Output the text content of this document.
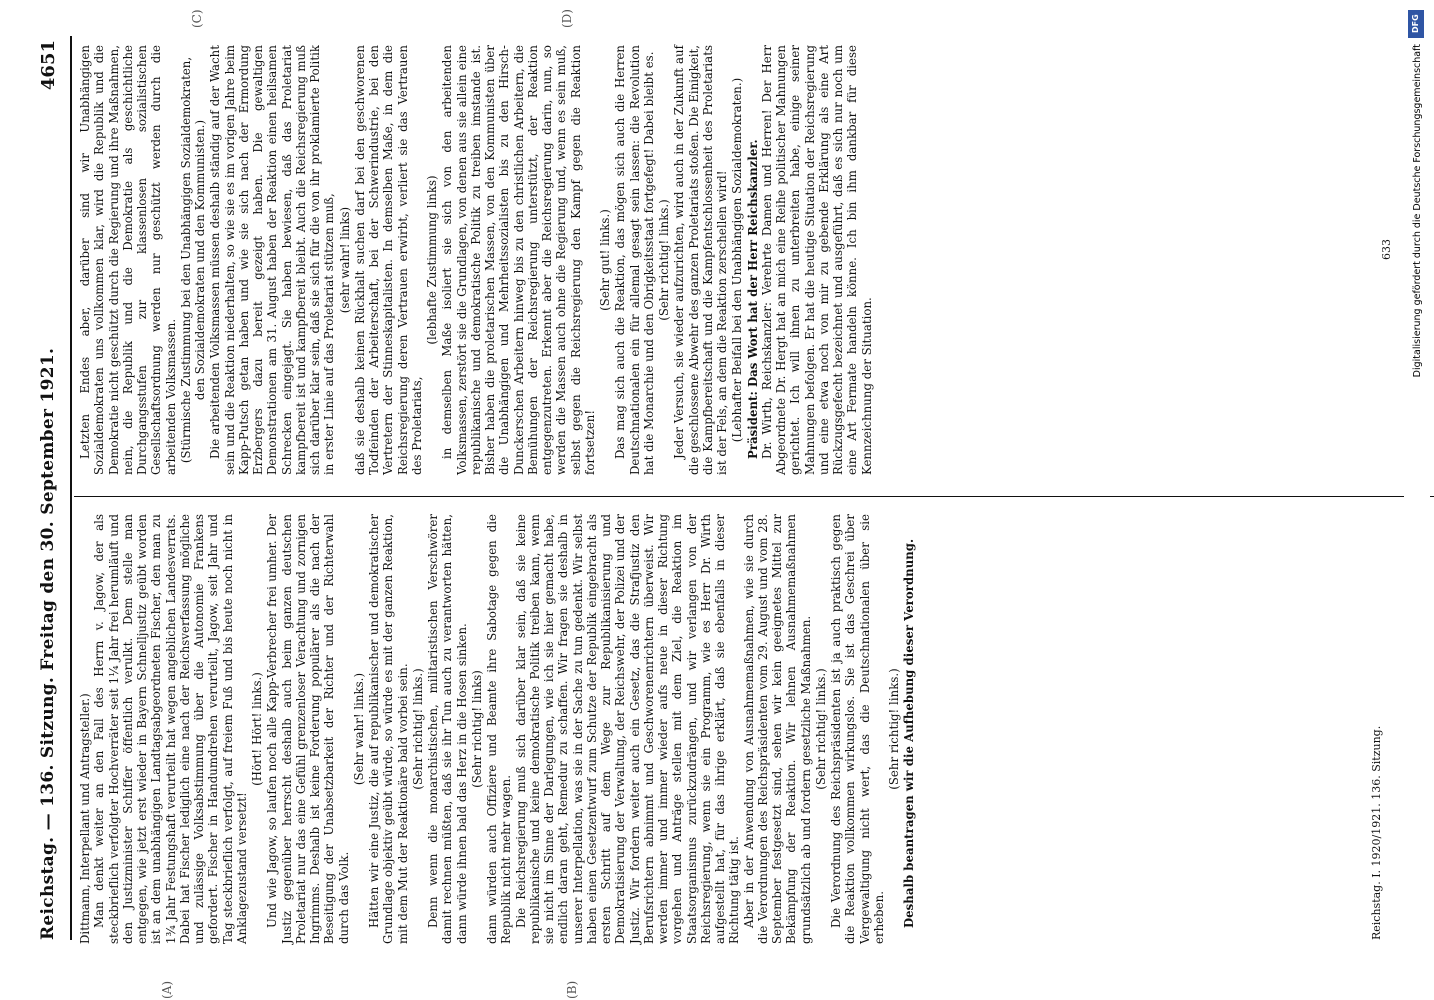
Reichstag. — 136. Sitzung. Freitag den 30. September 1921.
4651
(A)	(B)
(C)	(D)

Dittmann, Interpellant und Antragsteller.) Man denkt weiter an den Fall des Herrn v. Jagow, der als steckbrieflich verfolgter Hochverräter seit 1¼ Jahr frei herumläuft und den Justizminister Schiffer öffentlich verulkt. Dem stelle man entgegen, wie jetzt erst wieder in Bayern Schnelljustiz geübt worden ist an dem unabhängigen Landtagsabgeordneten Fischer, den man zu 1¾ Jahr Festungshaft verurteilt hat wegen angeblichen Landesverrats. Dabei hat Fischer lediglich eine nach der Reichsverfassung mögliche und zulässige Volksabstimmung über die Autonomie Frankens gefordert. Fischer in Handumdrehen verurteilt, Jagow, seit Jahr und Tag steckbrieflich verfolgt, auf freiem Fuß und bis heute noch nicht in Anklagezustand versetzt!

(Hört! Hört! links.) Und wie Jagow, so laufen noch alle Kapp-Verbrecher frei umher. Der Justiz gegenüber herrscht deshalb auch beim ganzen deutschen Proletariat nur das eine Gefühl grenzenloser Verachtung und zornigen Ingrimms. Deshalb ist keine Forderung populärer als die nach der Beseitigung der Unabsetzbarkeit der Richter und der Richterwahl durch das Volk.

(Sehr wahr! links.) Hätten wir eine Justiz, die auf republikanischer und demokratischer Grundlage objektiv geübt würde, so würde es mit der ganzen Reaktion, mit dem Mut der Reaktionäre bald vorbei sein. (Sehr richtig! links.) Denn wenn die monarchistischen, militaristischen Verschwörer damit rechnen müßten, daß sie ihr Tun auch zu verantworten hätten, dann würde ihnen bald das Herz in die Hosen sinken. (Sehr richtig! links) dann würden auch Offiziere und Beamte ihre Sabotage gegen die Republik nicht mehr wagen. Die Reichsregierung muß sich darüber klar sein, daß sie keine republikanische und keine demokratische Politik treiben kann, wenn sie nicht im Sinne der Darlegungen, wie ich sie hier gemacht habe, endlich daran geht, Remedur zu schaffen. Wir fragen sie deshalb in unserer Interpellation, was sie in der Sache zu tun gedenkt. Wir selbst haben einen Gesetzentwurf zum Schutze der Republik eingebracht als ersten Schritt auf dem Wege zur Republikanisierung und Demokratisierung der Verwaltung, der Reichswehr, der Polizei und der Justiz. Wir fordern weiter auch ein Gesetz, das die Strafjustiz den Berufsrichtern abnimmt und Geschworenenrichtern überweist. Wir werden immer und immer wieder aufs neue in dieser Richtung vorgehen und Anträge stellen mit dem Ziel, die Reaktion im Staatsorganismus zurückzudrängen, und wir verlangen von der Reichsregierung, wenn sie ein Programm, wie es Herr Dr. Wirth aufgestellt hat, für das ihrige erklärt, daß sie ebenfalls in dieser Richtung tätig ist. Aber in der Anwendung von Ausnahmemaßnahmen, wie sie durch die Verordnungen des Reichspräsidenten vom 29. August und vom 28. September festgesetzt sind, sehen wir kein geeignetes Mittel zur Bekämpfung der Reaktion. Wir lehnen Ausnahmemaßnahmen grundsätzlich ab und fordern gesetzliche Maßnahmen. (Sehr richtig! links.) Die Verordnung des Reichspräsidenten ist ja auch praktisch gegen die Reaktion vollkommen wirkungslos. Sie ist das Geschrei über Vergewaltigung nicht wert, das die Deutschnationalen über sie erheben.

(Sehr richtig! links.) Deshalb beantragen wir die Aufhebung dieser Verordnung.

Letzten Endes aber, darüber sind wir Unabhängigen Sozialdemokraten uns vollkommen klar, wird die Republik und die Demokratie nicht geschützt durch die Regierung und ihre Maßnahmen, nein, die Republik und die Demokratie als geschichtliche Durchgangsstufen zur klassenlosen sozialistischen Gesellschaftsordnung werden nur geschützt werden durch die arbeitenden Volksmassen. (Stürmische Zustimmung bei den Unabhängigen Sozialdemokraten, den Sozialdemokraten und den Kommunisten.) Die arbeitenden Volksmassen müssen deshalb ständig auf der Wacht sein und die Reaktion niederhalten, so wie sie es im vorigen Jahre beim Kapp-Putsch getan haben und wie sie sich nach der Ermordung Erzbergers dazu bereit gezeigt haben. Die gewaltigen Demonstrationen am 31. August haben der Reaktion einen heilsamen Schrecken eingejagt. Sie haben bewiesen, daß das Proletariat kampfbereit ist und kampfbereit bleibt. Auch die Reichsregierung muß sich darüber klar sein, daß sie sich für die von ihr proklamierte Politik in erster Linie auf das Proletariat stützen muß, (sehr wahr! links) daß sie deshalb keinen Rückhalt suchen darf bei den geschworenen Todfeinden der Arbeiterschaft, bei der Schwerindustrie, bei den Vertretern der Stinneskapitalisten. In demselben Maße, in dem die Reichsregierung deren Vertrauen erwirbt, verliert sie das Vertrauen des Proletariats,

(lebhafte Zustimmung links) in demselben Maße isoliert sie sich von den arbeitenden Volksmassen, zerstört sie die Grundlagen, von denen aus sie allein eine republikanische und demokratische Politik zu treiben imstande ist. Bisher haben die proletarischen Massen, von den Kommunisten über die Unabhängigen und Mehrheitssozialisten bis zu den Hirsch-Dunckerschen Arbeitern hinweg bis zu den christlichen Arbeitern, die Bemühungen der Reichsregierung unterstützt, der Reaktion entgegenzutreten. Erkennt aber die Reichsregierung darin, nun, so werden die Massen auch ohne die Regierung und, wenn es sein muß, selbst gegen die Reichsregierung den Kampf gegen die Reaktion fortsetzen!

(Sehr gut! links.) Das mag sich auch die Reaktion, das mögen sich auch die Herren Deutschnationalen ein für allemal gesagt sein lassen: die Revolution hat die Monarchie und den Obrigkeitsstaat fortgefegt! Dabei bleibt es. (Sehr richtig! links.) Jeder Versuch, sie wieder aufzurichten, wird auch in der Zukunft auf die geschlossene Abwehr des ganzen Proletariats stoßen. Die Einigkeit, die Kampfbereitschaft und die Kampfentschlossenheit des Proletariats ist der Fels, an dem die Reaktion zerschellen wird! (Lebhafter Beifall bei den Unabhängigen Sozialdemokraten.) Präsident: Das Wort hat der Herr Reichskanzler. Dr. Wirth, Reichskanzler: Verehrte Damen und Herren! Der Herr Abgeordnete Dr. Hergt hat an mich eine Reihe politischer Mahnungen gerichtet. Ich will ihnen zu unterbreiten habe, einige seiner Mahnungen befolgen. Er hat die heutige Situation der Reichsregierung und eine etwa noch von mir zu gebende Erklärung als eine Art Rückzugsgefecht bezeichnet und ausgeführt, daß es sich nur noch um eine Art Fermate handeln könne. Ich bin ihm dankbar für diese Kennzeichnung der Situation.

Reichstag. I. 1920/1921. 136. Sitzung.
633
DFG
Digitalisierung gefördert durch die Deutsche Forschungsgemeinschaft
